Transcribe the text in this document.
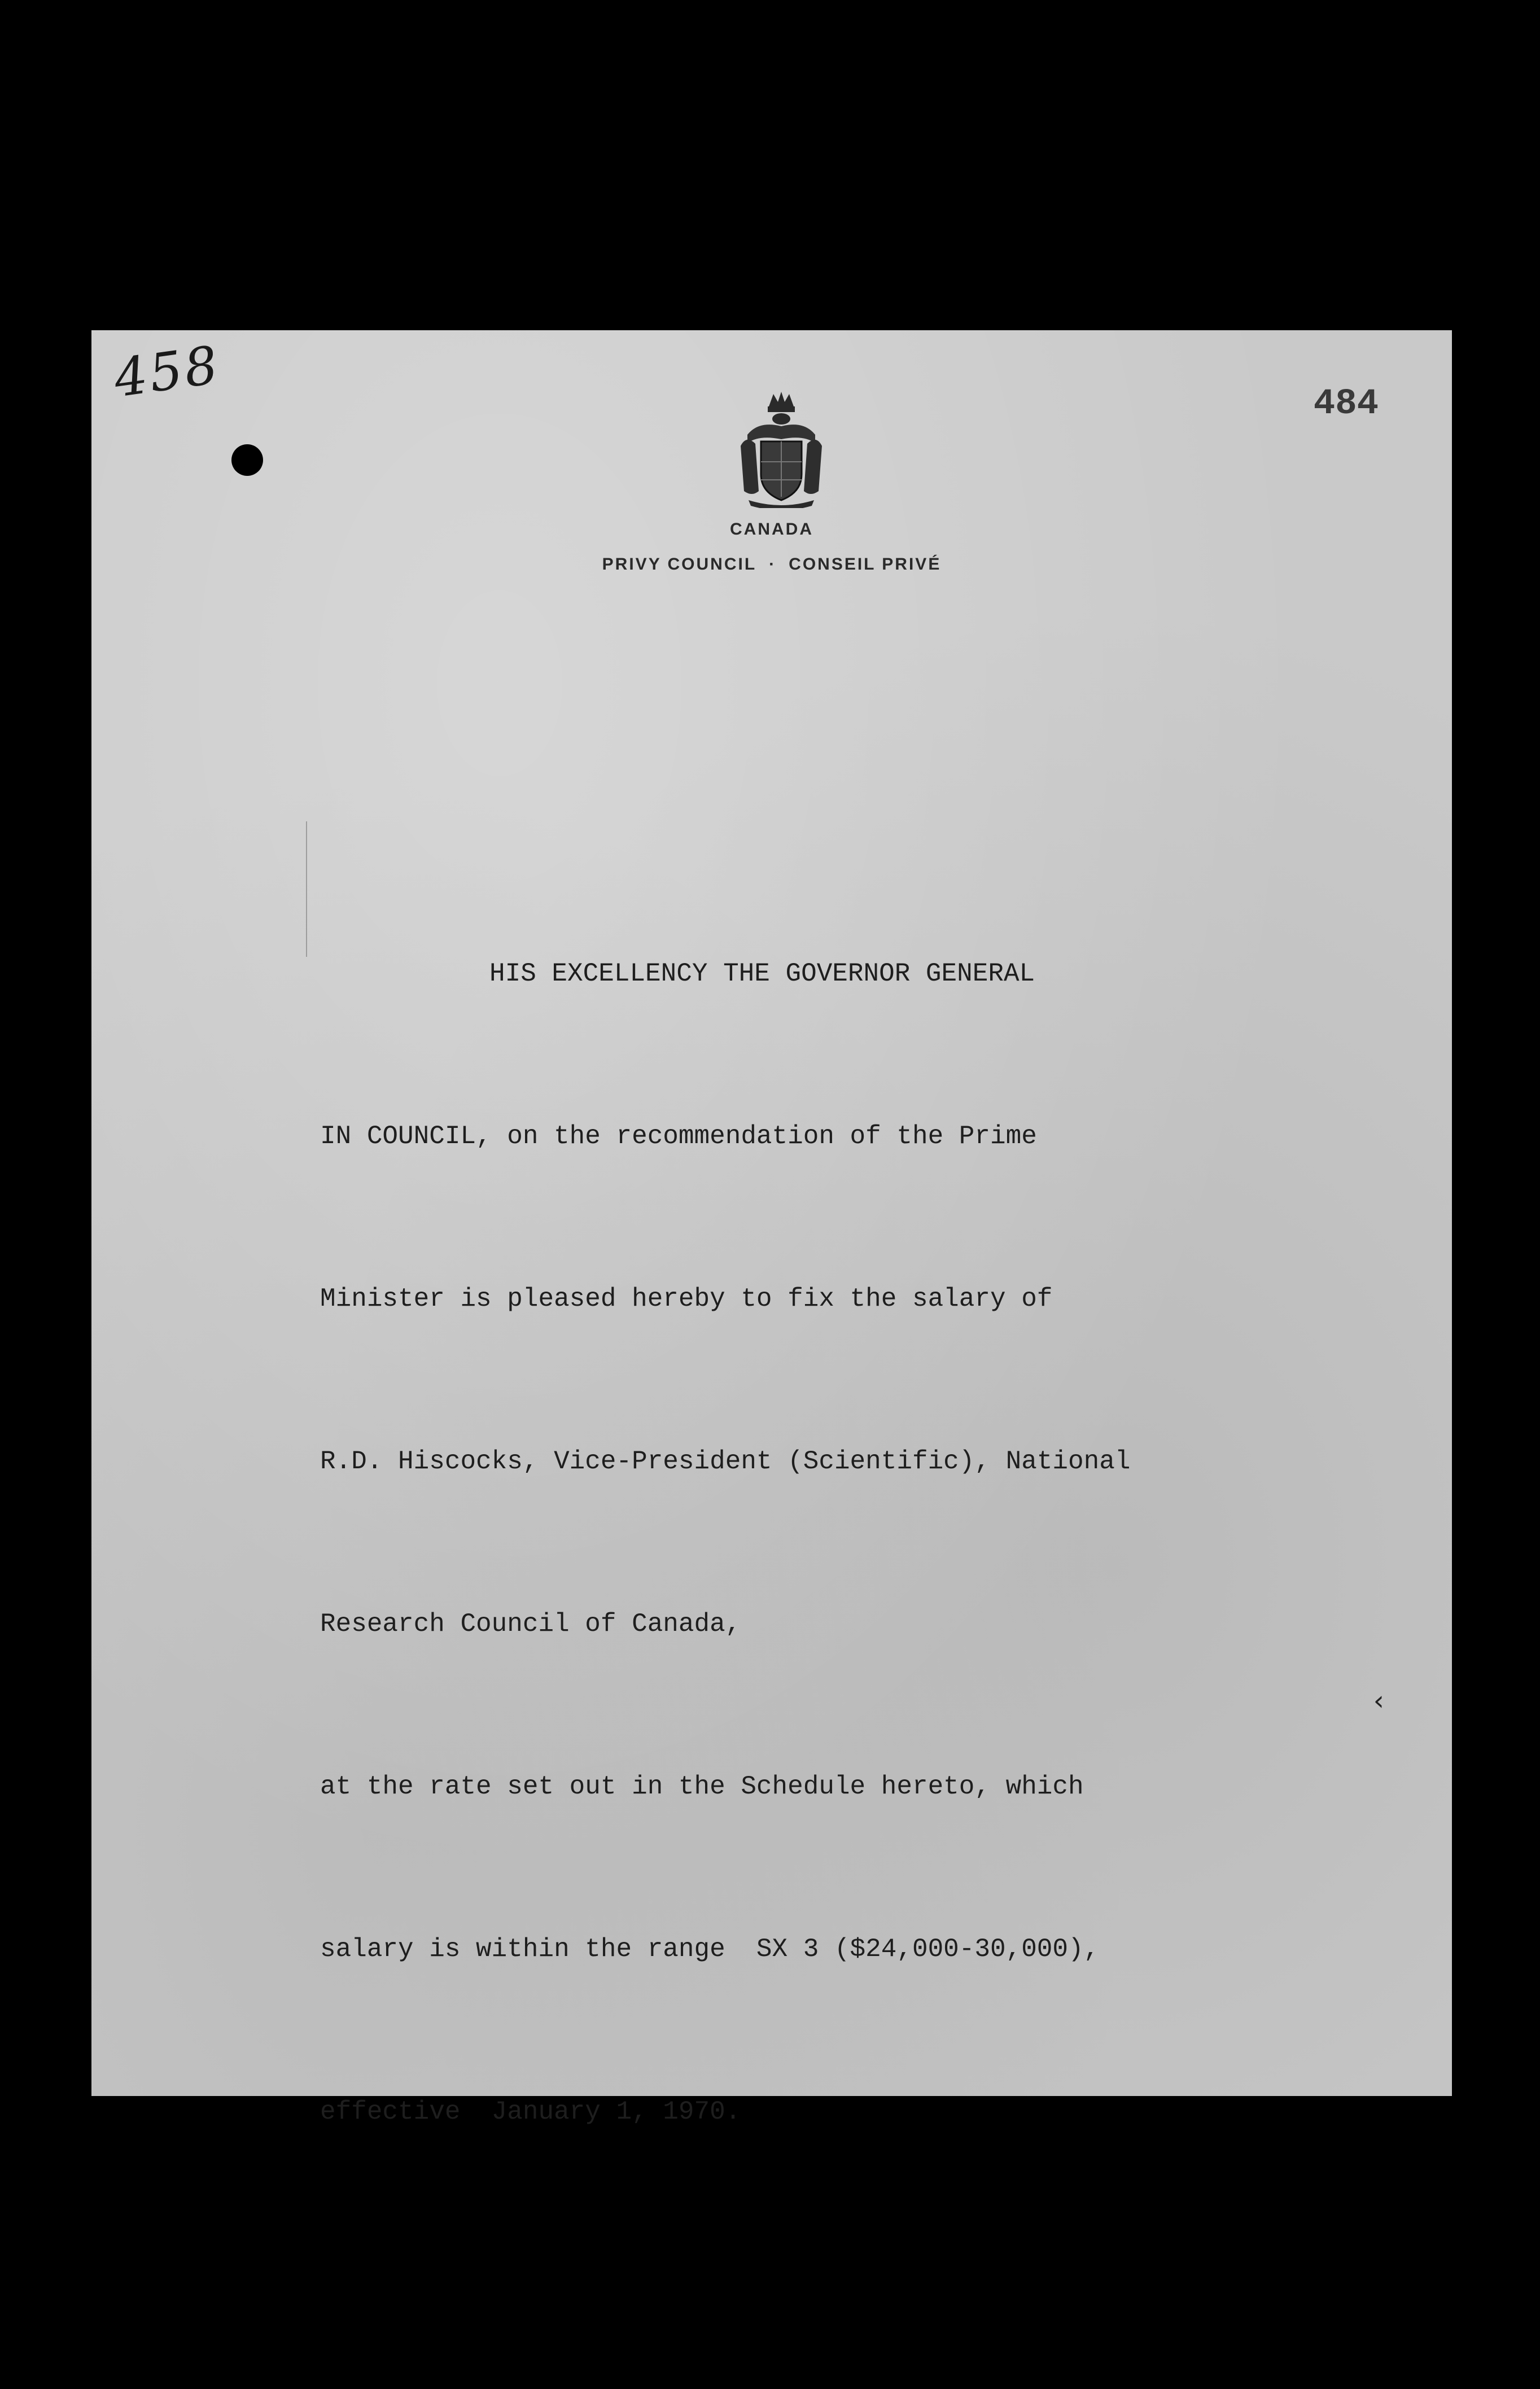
458	484
CANADA
PRIVY COUNCIL · CONSEIL PRIVÉ

HIS EXCELLENCY THE GOVERNOR GENERAL

IN COUNCIL, on the recommendation of the Prime

Minister is pleased hereby to fix the salary of

R.D. Hiscocks, Vice-President (Scientific), National

Research Council of Canada,

at the rate set out in the Schedule hereto, which

salary is within the range  SX 3 ($24,000-30,000),

effective  January 1, 1970.

‹
